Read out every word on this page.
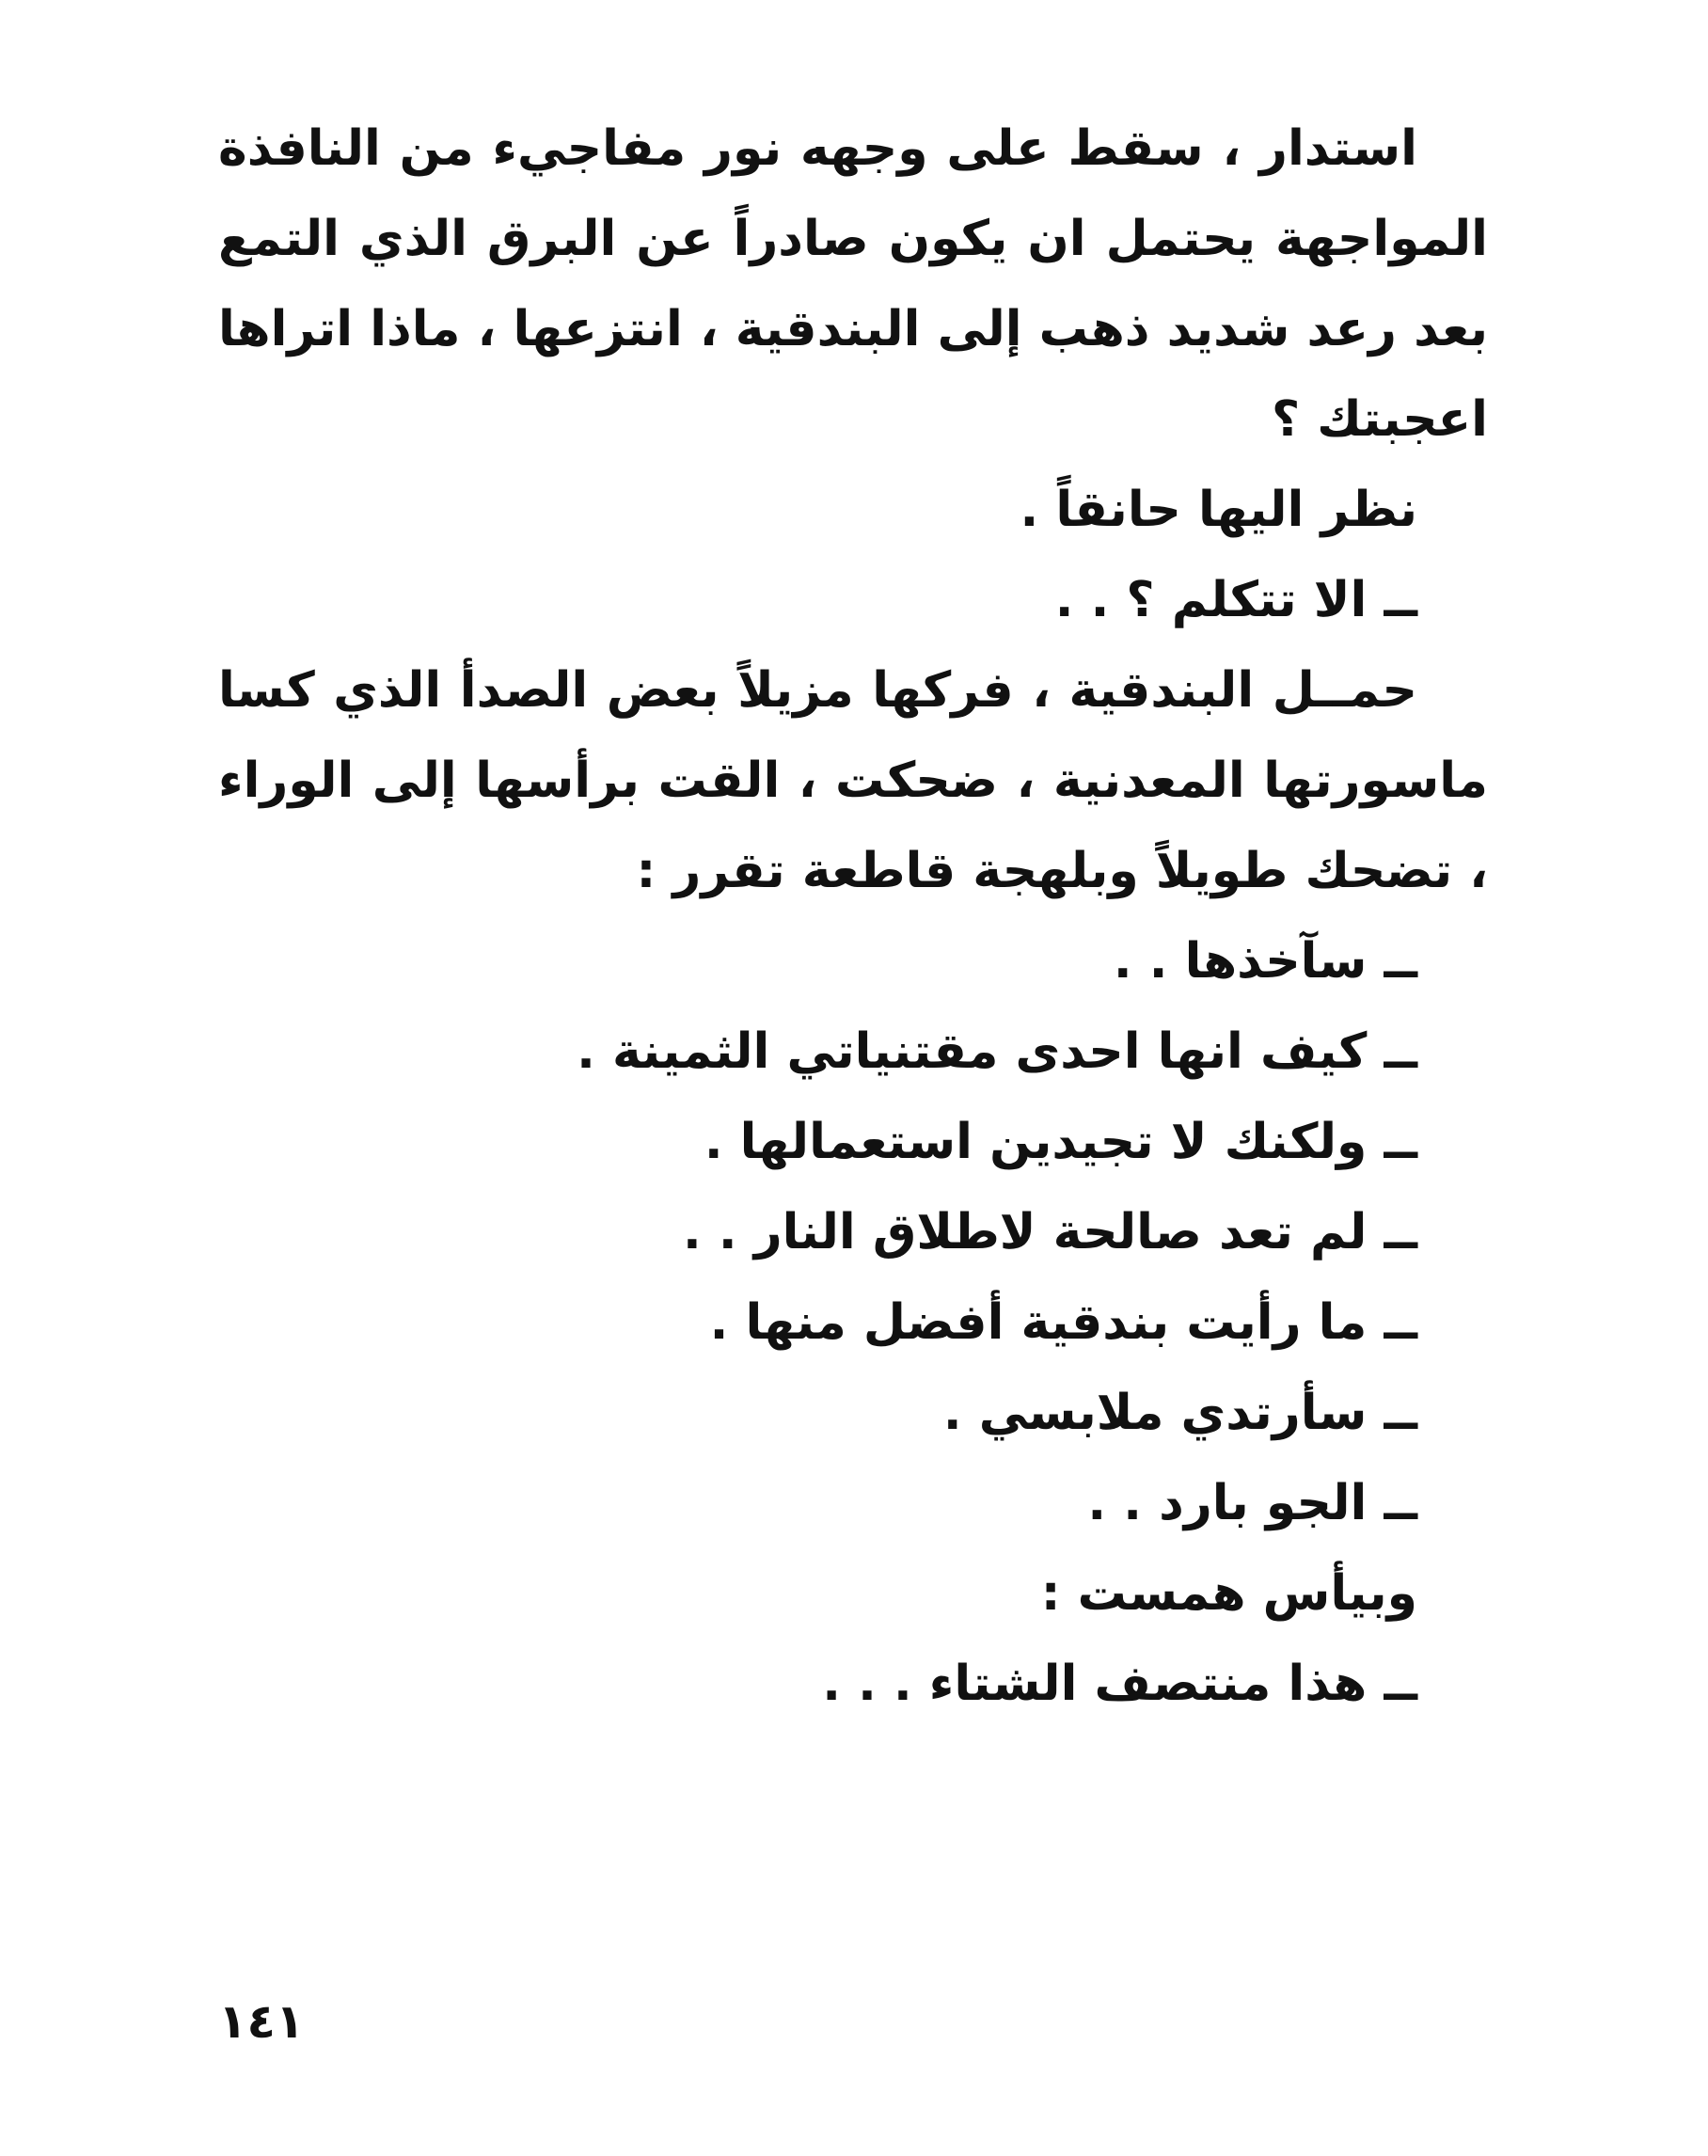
استدار ، سقط على وجهه نور مفاجيء من النافذة المواجهة يحتمل ان يكون صادراً عن البرق الذي التمع بعد رعد شديد ذهب إلى البندقية ، انتزعها ، ماذا اتراها اعجبتك ؟

نظر اليها حانقاً .

ــ الا تتكلم ؟ . .

حمــل البندقية ، فركها مزيلاً بعض الصدأ الذي كسا ماسورتها المعدنية ، ضحكت ، القت برأسها إلى الوراء ، تضحك طويلاً وبلهجة قاطعة تقرر :

ــ سآخذها . .

ــ كيف انها احدى مقتنياتي الثمينة .

ــ ولكنك لا تجيدين استعمالها .

ــ لم تعد صالحة لاطلاق النار . .

ــ ما رأيت بندقية أفضل منها .

ــ سأرتدي ملابسي .

ــ الجو بارد . .

وبيأس همست :

ــ هذا منتصف الشتاء . . .

١٤١
